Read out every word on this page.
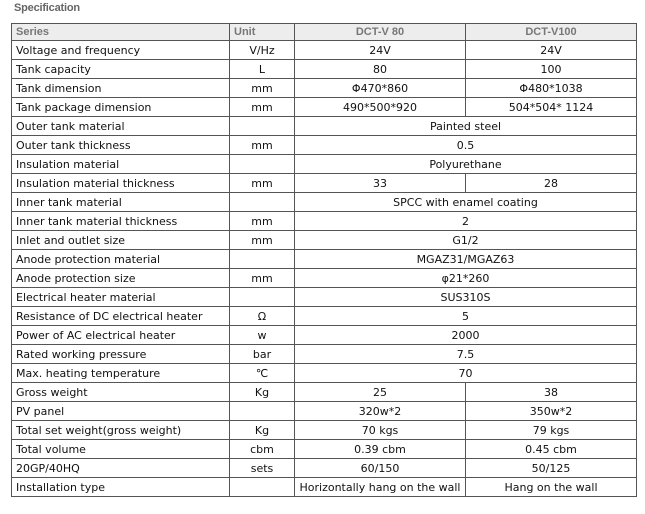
Specification
Series	Unit	DCT-V 80	DCT-V100
Voltage and frequency	V/Hz	24V	24V
Tank capacity	L	80	100
Tank dimension	mm	Φ470*860	Φ480*1038
Tank package dimension	mm	490*500*920	504*504* 1124
Outer tank material		Painted steel	
Outer tank thickness	mm	0.5	
Insulation material		Polyurethane	
Insulation material thickness	mm	33	28
Inner tank material		SPCC with enamel coating	
Inner tank material thickness	mm	2	
Inlet and outlet size	mm	G1/2	
Anode protection material		MGAZ31/MGAZ63	
Anode protection size	mm	φ21*260	
Electrical heater material		SUS310S	
Resistance of DC electrical heater	Ω	5	
Power of AC electrical heater	w	2000	
Rated working pressure	bar	7.5	
Max. heating temperature	℃	70	
Gross weight	Kg	25	38
PV panel		320w*2	350w*2
Total set weight(gross weight)	Kg	70 kgs	79 kgs
Total volume	cbm	0.39 cbm	0.45 cbm
20GP/40HQ	sets	60/150	50/125
Installation type		Horizontally hang on the wall	Hang on the wall
